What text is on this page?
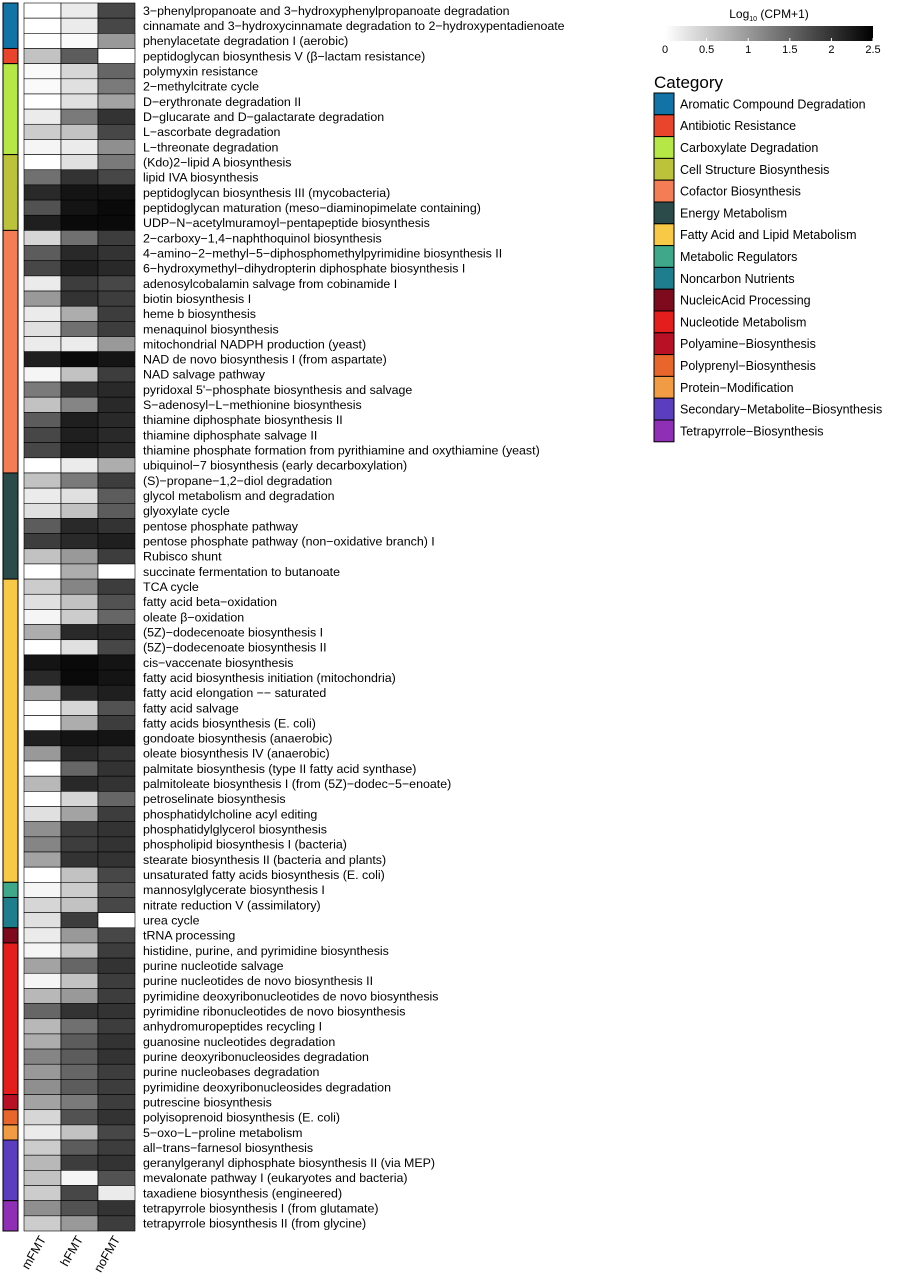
3−phenylpropanoate and 3−hydroxyphenylpropanoate degradation
cinnamate and 3−hydroxycinnamate degradation to 2−hydroxypentadienoate
phenylacetate degradation I (aerobic)
peptidoglycan biosynthesis V (β−lactam resistance)
polymyxin resistance
2−methylcitrate cycle
D−erythronate degradation II
D−glucarate and D−galactarate degradation
L−ascorbate degradation
L−threonate degradation
(Kdo)2−lipid A biosynthesis
lipid IVA biosynthesis
peptidoglycan biosynthesis III (mycobacteria)
peptidoglycan maturation (meso−diaminopimelate containing)
UDP−N−acetylmuramoyl−pentapeptide biosynthesis
2−carboxy−1,4−naphthoquinol biosynthesis
4−amino−2−methyl−5−diphosphomethylpyrimidine biosynthesis II
6−hydroxymethyl−dihydropterin diphosphate biosynthesis I
adenosylcobalamin salvage from cobinamide I
biotin biosynthesis I
heme b biosynthesis
menaquinol biosynthesis
mitochondrial NADPH production (yeast)
NAD de novo biosynthesis I (from aspartate)
NAD salvage pathway
pyridoxal 5'−phosphate biosynthesis and salvage
S−adenosyl−L−methionine biosynthesis
thiamine diphosphate biosynthesis II
thiamine diphosphate salvage II
thiamine phosphate formation from pyrithiamine and oxythiamine (yeast)
ubiquinol−7 biosynthesis (early decarboxylation)
(S)−propane−1,2−diol degradation
glycol metabolism and degradation
glyoxylate cycle
pentose phosphate pathway
pentose phosphate pathway (non−oxidative branch) I
Rubisco shunt
succinate fermentation to butanoate
TCA cycle
fatty acid beta−oxidation
oleate β−oxidation
(5Z)−dodecenoate biosynthesis I
(5Z)−dodecenoate biosynthesis II
cis−vaccenate biosynthesis
fatty acid biosynthesis initiation (mitochondria)
fatty acid elongation −− saturated
fatty acid salvage
fatty acids biosynthesis (E. coli)
gondoate biosynthesis (anaerobic)
oleate biosynthesis IV (anaerobic)
palmitate biosynthesis (type II fatty acid synthase)
palmitoleate biosynthesis I (from (5Z)−dodec−5−enoate)
petroselinate biosynthesis
phosphatidylcholine acyl editing
phosphatidylglycerol biosynthesis
phospholipid biosynthesis I (bacteria)
stearate biosynthesis II (bacteria and plants)
unsaturated fatty acids biosynthesis (E. coli)
mannosylglycerate biosynthesis I
nitrate reduction V (assimilatory)
urea cycle
tRNA processing
histidine, purine, and pyrimidine biosynthesis
purine nucleotide salvage
purine nucleotides de novo biosynthesis II
pyrimidine deoxyribonucleotides de novo biosynthesis
pyrimidine ribonucleotides de novo biosynthesis
anhydromuropeptides recycling I
guanosine nucleotides degradation
purine deoxyribonucleosides degradation
purine nucleobases degradation
pyrimidine deoxyribonucleosides degradation
putrescine biosynthesis
polyisoprenoid biosynthesis (E. coli)
5−oxo−L−proline metabolism
all−trans−farnesol biosynthesis
geranylgeranyl diphosphate biosynthesis II (via MEP)
mevalonate pathway I (eukaryotes and bacteria)
taxadiene biosynthesis (engineered)
tetrapyrrole biosynthesis I (from glutamate)
tetrapyrrole biosynthesis II (from glycine)
mFMT hFMT noFMT
Log$_{10}$ (CPM+1)
0	0.5	1	1.5	2	2.5
Category
Aromatic Compound Degradation
Antibiotic Resistance
Carboxylate Degradation
Cell Structure Biosynthesis
Cofactor Biosynthesis
Energy Metabolism
Fatty Acid and Lipid Metabolism
Metabolic Regulators
Noncarbon Nutrients
NucleicAcid Processing
Nucleotide Metabolism
Polyamine−Biosynthesis
Polyprenyl−Biosynthesis
Protein−Modification
Secondary−Metabolite−Biosynthesis
Tetrapyrrole−Biosynthesis
